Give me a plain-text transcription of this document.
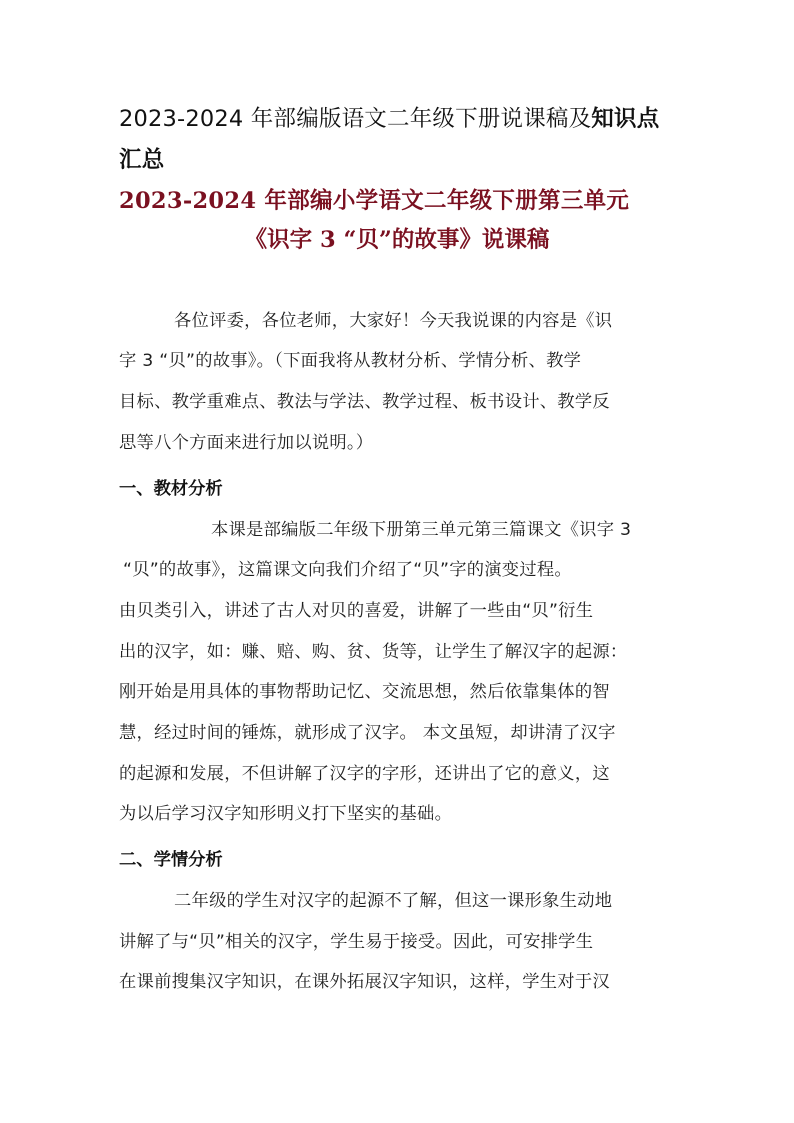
2023-2024 年部编版语文二年级下册说课稿及知识点

汇总

2023-2024 年部编小学语文二年级下册第三单元

《识字 3 “贝”的故事》说课稿

各位评委，各位老师，大家好！今天我说课的内容是《识

字 3 “贝”的故事》。（下面我将从教材分析、学情分析、教学

目标、教学重难点、教法与学法、教学过程、板书设计、教学反

思等八个方面来进行加以说明。）

一、教材分析

本课是部编版二年级下册第三单元第三篇课文《识字 3

“贝”的故事》，这篇课文向我们介绍了“贝”字的演变过程。

由贝类引入，讲述了古人对贝的喜爱，讲解了一些由“贝”衍生

出的汉字，如：赚、赔、购、贫、货等，让学生了解汉字的起源：

刚开始是用具体的事物帮助记忆、交流思想，然后依靠集体的智

慧，经过时间的锤炼，就形成了汉字。 本文虽短，却讲清了汉字

的起源和发展，不但讲解了汉字的字形，还讲出了它的意义，这

为以后学习汉字知形明义打下坚实的基础。

二、学情分析

二年级的学生对汉字的起源不了解，但这一课形象生动地

讲解了与“贝”相关的汉字，学生易于接受。因此，可安排学生

在课前搜集汉字知识，在课外拓展汉字知识，这样，学生对于汉
